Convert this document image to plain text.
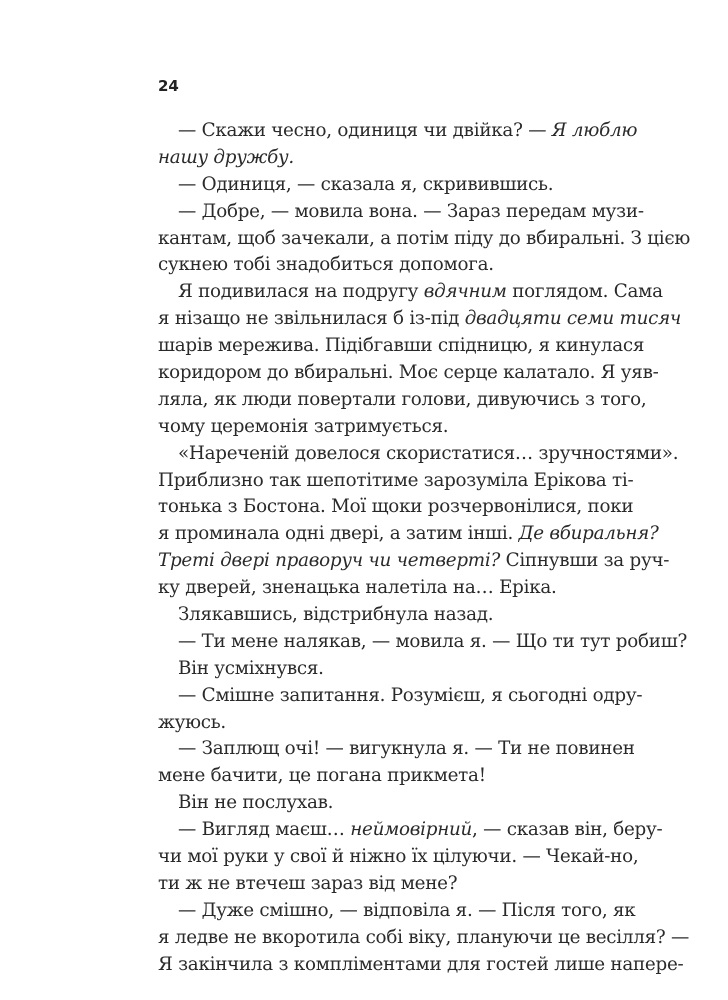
24
— Скажи чесно, одиниця чи двійка? — Я люблю
нашу дружбу.
— Одиниця, — сказала я, скривившись.
— Добре, — мовила вона. — Зараз передам музи-
кантам, щоб зачекали, а потім піду до вбиральні. З цією
сукнею тобі знадобиться допомога.
Я подивилася на подругу вдячним поглядом. Сама
я нізащо не звільнилася б із-під двадцяти семи тисяч
шарів мережива. Підібгавши спідницю, я кинулася
коридором до вбиральні. Моє серце калатало. Я уяв-
ляла, як люди повертали голови, дивуючись з того,
чому церемонія затримується.
«Нареченій довелося скористатися… зручностями».
Приблизно так шепотітиме зарозуміла Ерікова ті-
тонька з Бостона. Мої щоки розчервонілися, поки
я проминала одні двері, а затим інші. Де вбиральня?
Треті двері праворуч чи четверті? Сіпнувши за руч-
ку дверей, зненацька налетіла на… Еріка.
Злякавшись, відстрибнула назад.
— Ти мене налякав, — мовила я. — Що ти тут робиш?
Він усміхнувся.
— Смішне запитання. Розумієш, я сьогодні одру-
жуюсь.
— Заплющ очі! — вигукнула я. — Ти не повинен
мене бачити, це погана прикмета!
Він не послухав.
— Вигляд маєш… неймовірний, — сказав він, беру-
чи мої руки у свої й ніжно їх цілуючи. — Чекай-но,
ти ж не втечеш зараз від мене?
— Дуже смішно, — відповіла я. — Після того, як
я ледве не вкоротила собі віку, плануючи це весілля? —
Я закінчила з компліментами для гостей лише напере-
